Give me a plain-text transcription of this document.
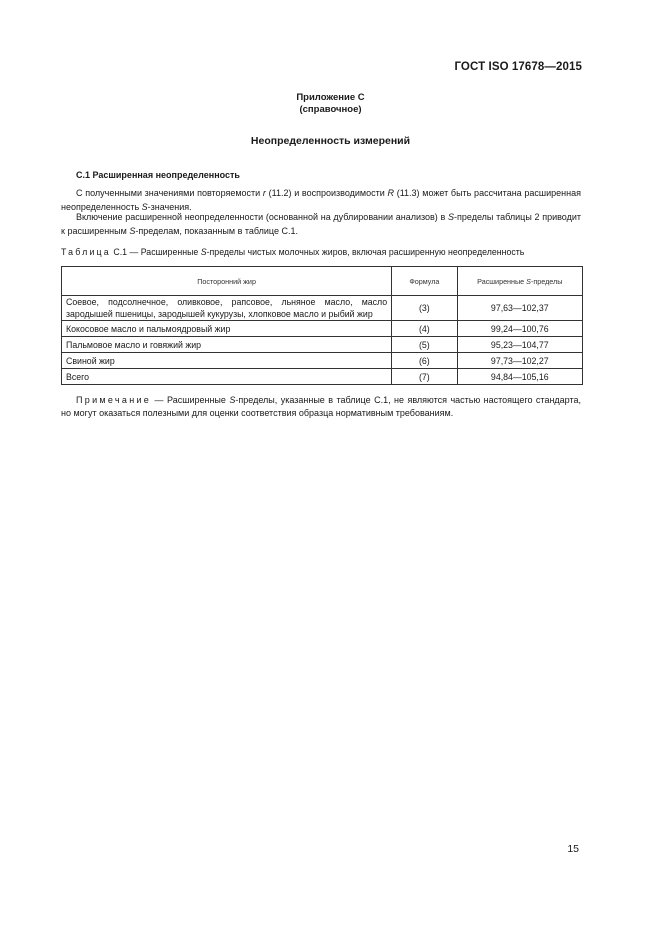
ГОСТ ISO 17678—2015
Приложение С
(справочное)
Неопределенность измерений
С.1 Расширенная неопределенность
С полученными значениями повторяемости r (11.2) и воспроизводимости R (11.3) может быть рассчитана расширенная неопределенность S-значения.
Включение расширенной неопределенности (основанной на дублировании анализов) в S-пределы таблицы 2 приводит к расширенным S-пределам, показанным в таблице С.1.
Таблица С.1 — Расширенные S-пределы чистых молочных жиров, включая расширенную неопределенность
Посторонний жир	Формула	Расширенные S-пределы
Соевое, подсолнечное, оливковое, рапсовое, льняное масло, масло зародышей пшеницы, зародышей кукурузы, хлопковое масло и рыбий жир	(3)	97,63—102,37
Кокосовое масло и пальмоядровый жир	(4)	99,24—100,76
Пальмовое масло и говяжий жир	(5)	95,23—104,77
Свиной жир	(6)	97,73—102,27
Всего	(7)	94,84—105,16
Примечание — Расширенные S-пределы, указанные в таблице С.1, не являются частью настоящего стандарта, но могут оказаться полезными для оценки соответствия образца нормативным требованиям.
15
